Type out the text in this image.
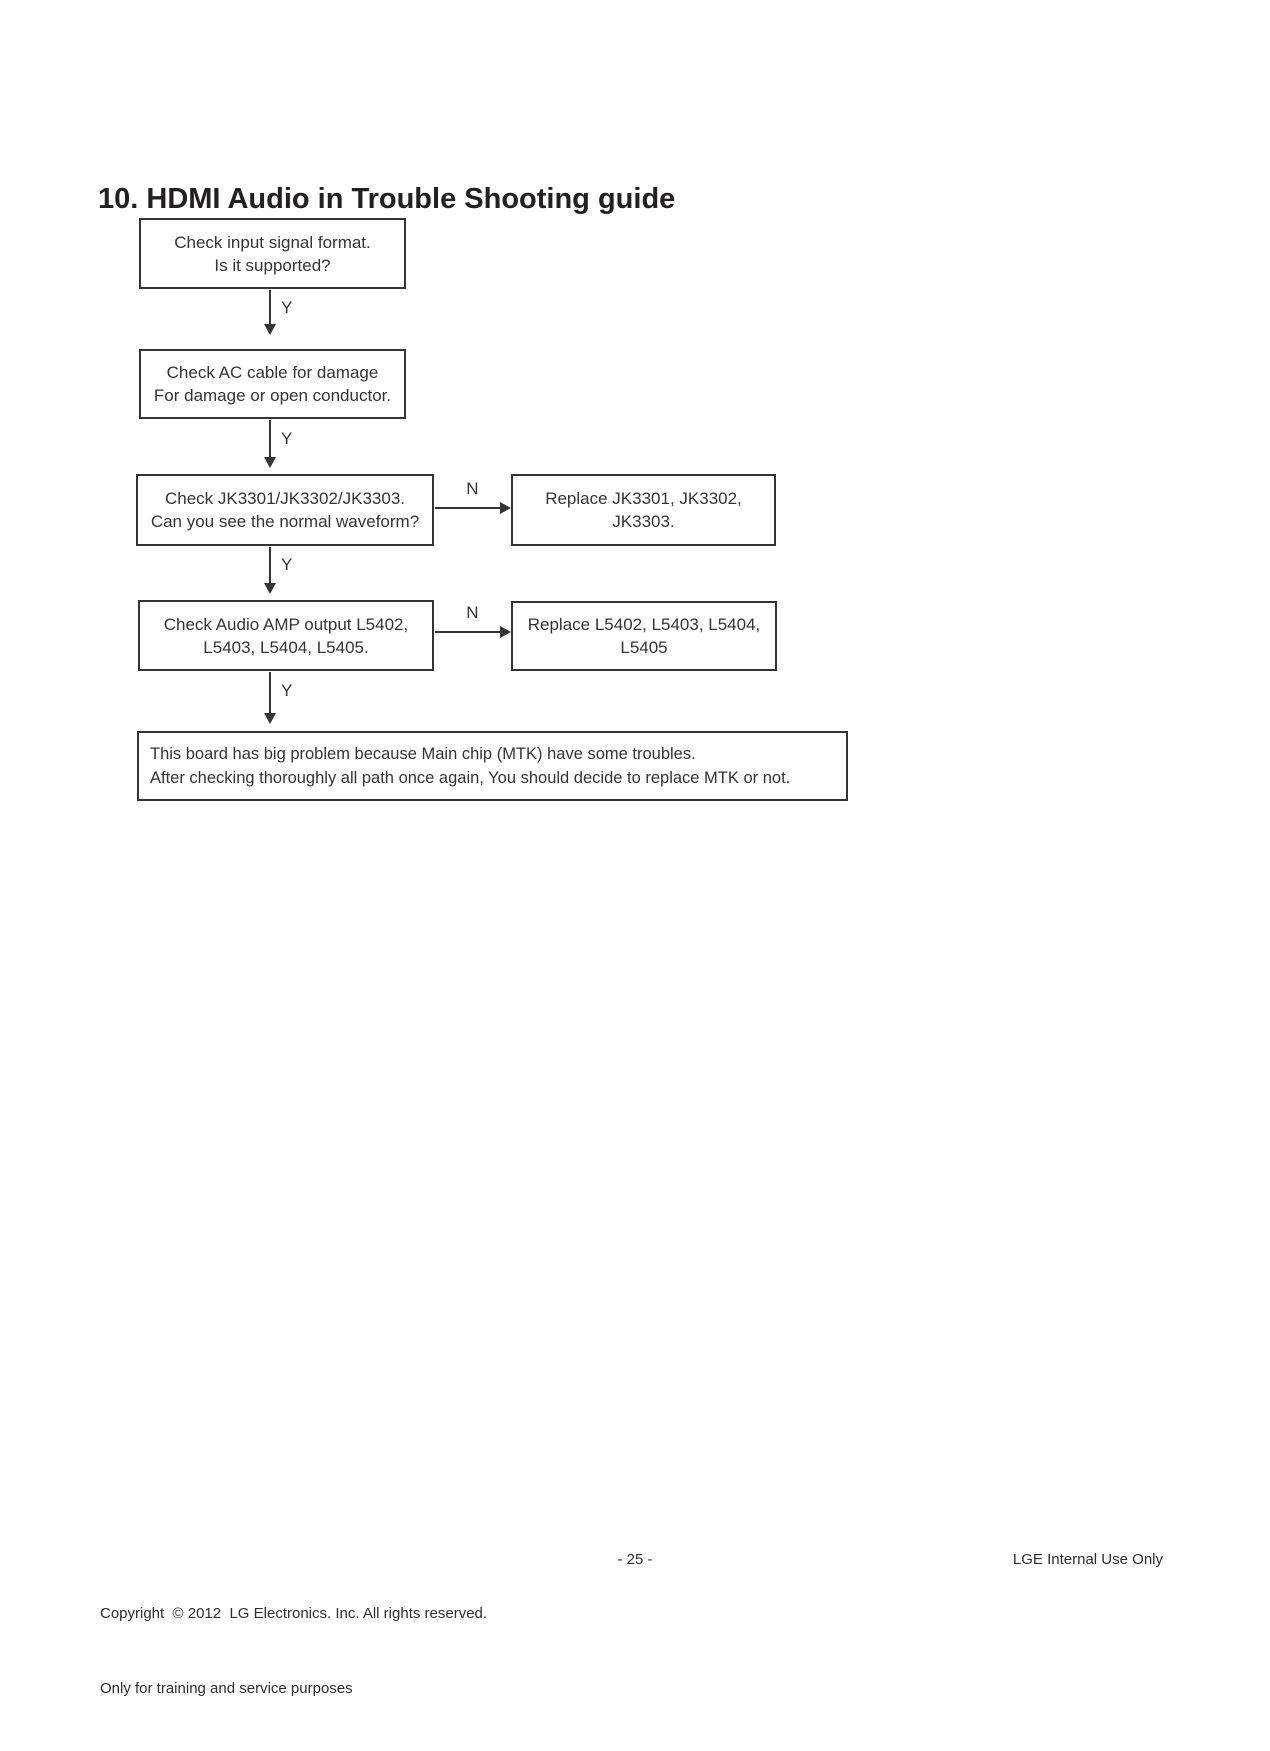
10. HDMI Audio in Trouble Shooting guide
Check input signal format.
Is it supported?
Y
Check AC cable for damage
For damage or open conductor.
Y
Check JK3301/JK3302/JK3303.
Can you see the normal waveform?
N
Replace JK3301, JK3302,
JK3303.
Y
Check Audio AMP output L5402,
L5403, L5404, L5405.
N
Replace L5402, L5403, L5404,
L5405
Y
This board has big problem because Main chip (MTK) have some troubles.
After checking thoroughly all path once again, You should decide to replace MTK or not.

Copyright  © 2012  LG Electronics. Inc. All rights reserved.

Only for training and service purposes

- 25 -	LGE Internal Use Only
